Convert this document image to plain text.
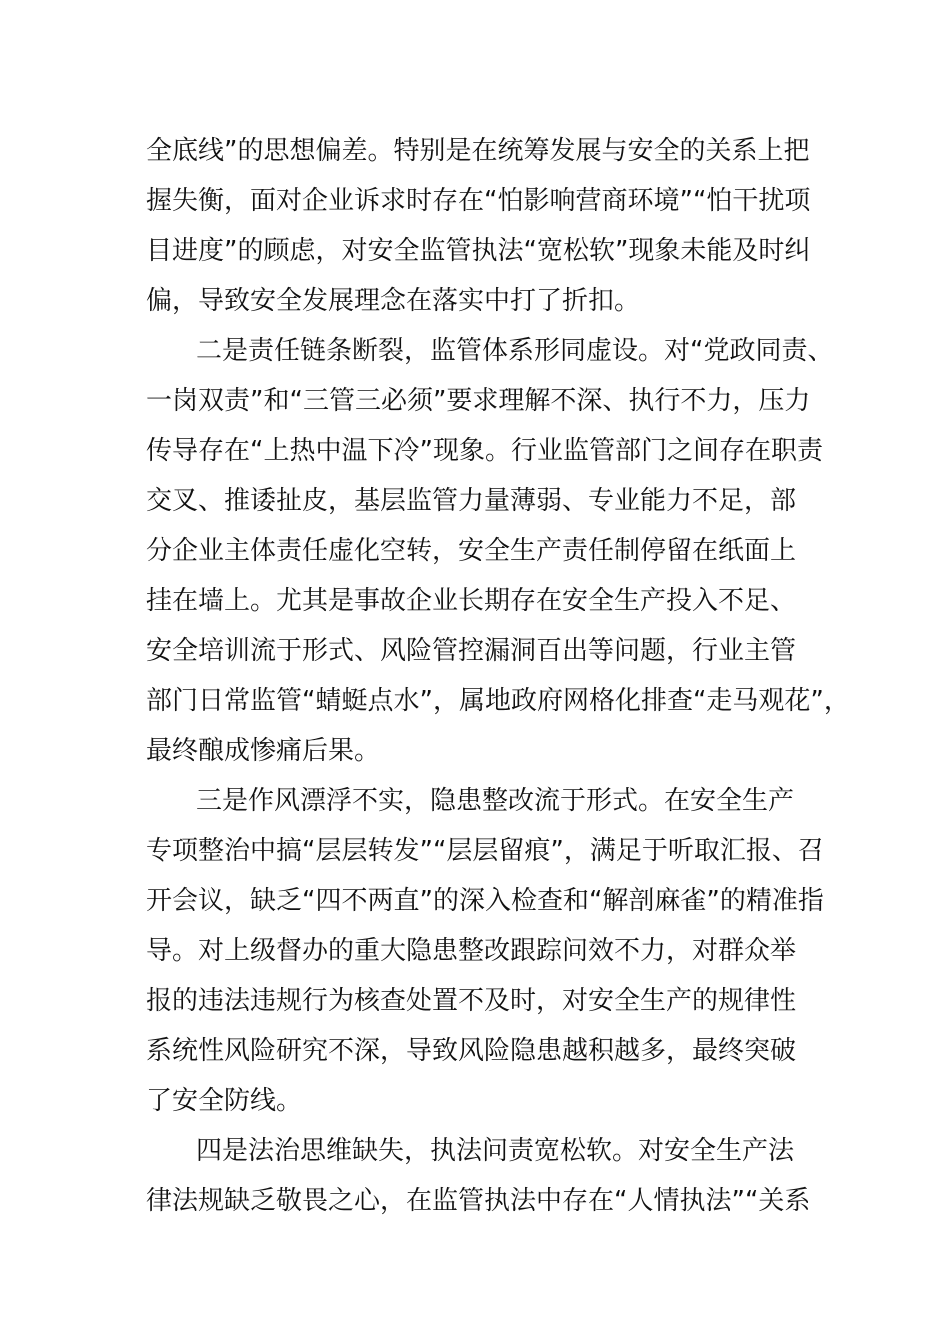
全底线”的思想偏差。特别是在统筹发展与安全的关系上把
握失衡，面对企业诉求时存在“怕影响营商环境”“怕干扰项
目进度”的顾虑，对安全监管执法“宽松软”现象未能及时纠
偏，导致安全发展理念在落实中打了折扣。
二是责任链条断裂，监管体系形同虚设。对“党政同责、
一岗双责”和“三管三必须”要求理解不深、执行不力，压力
传导存在“上热中温下冷”现象。行业监管部门之间存在职责
交叉、推诿扯皮，基层监管力量薄弱、专业能力不足，部
分企业主体责任虚化空转，安全生产责任制停留在纸面上
挂在墙上。尤其是事故企业长期存在安全生产投入不足、
安全培训流于形式、风险管控漏洞百出等问题，行业主管
部门日常监管“蜻蜓点水”，属地政府网格化排查“走马观花”，
最终酿成惨痛后果。
三是作风漂浮不实，隐患整改流于形式。在安全生产
专项整治中搞“层层转发”“层层留痕”，满足于听取汇报、召
开会议，缺乏“四不两直”的深入检查和“解剖麻雀”的精准指
导。对上级督办的重大隐患整改跟踪问效不力，对群众举
报的违法违规行为核查处置不及时，对安全生产的规律性
系统性风险研究不深，导致风险隐患越积越多，最终突破
了安全防线。
四是法治思维缺失，执法问责宽松软。对安全生产法
律法规缺乏敬畏之心，在监管执法中存在“人情执法”“关系
